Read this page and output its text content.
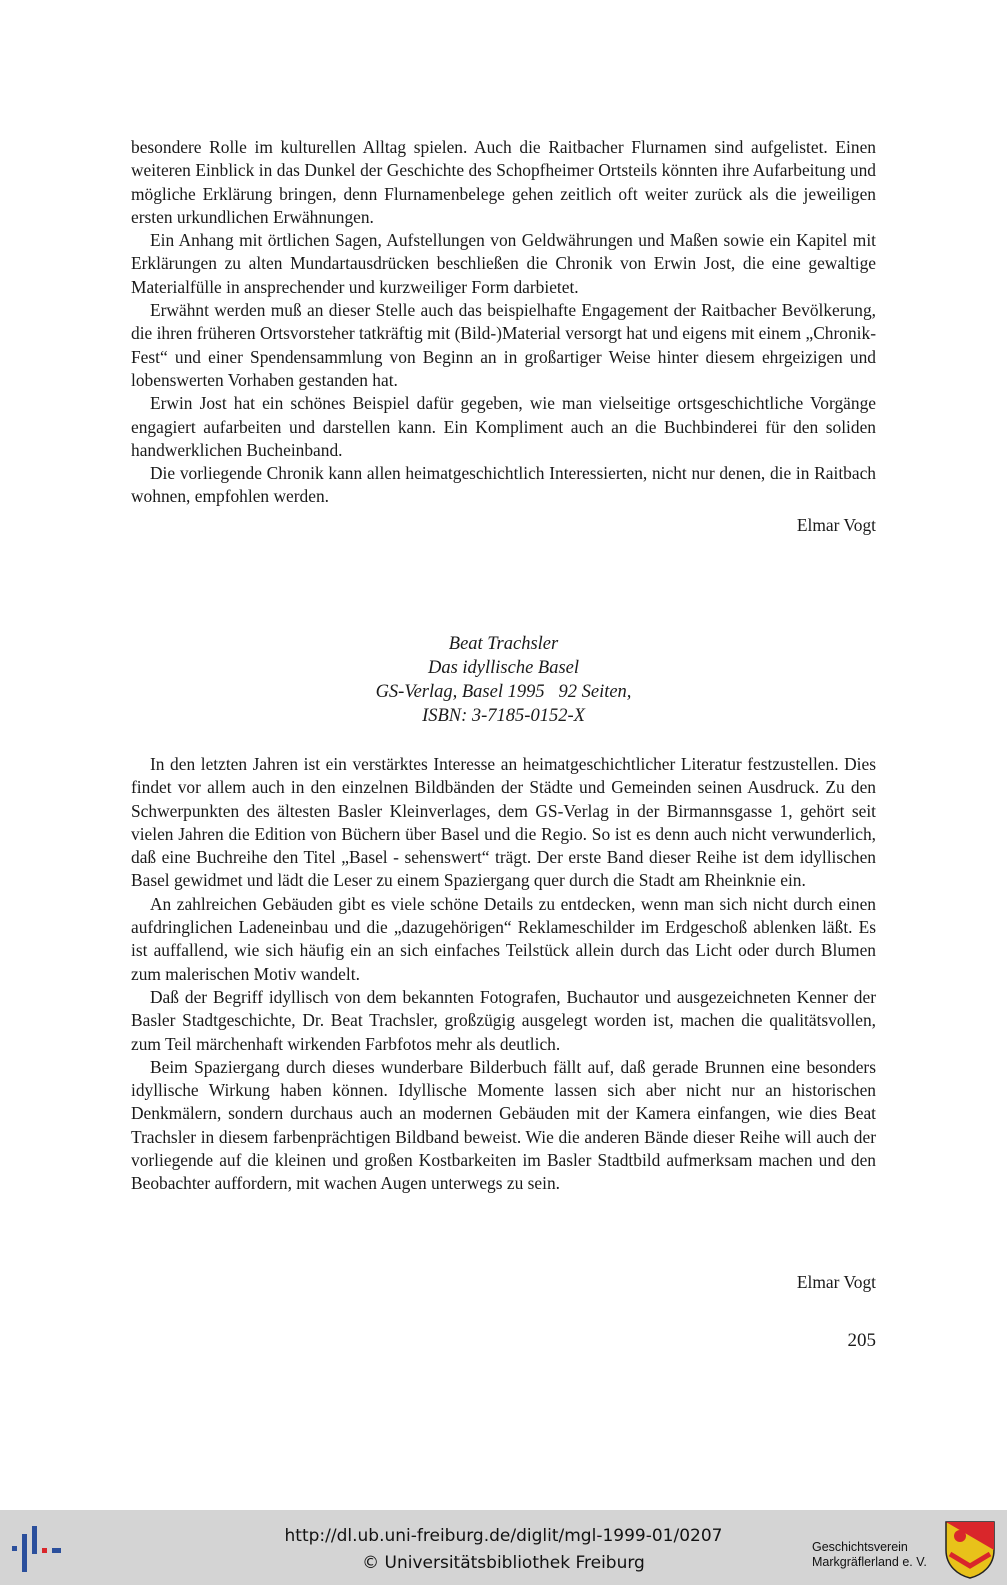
besondere Rolle im kulturellen Alltag spielen. Auch die Raitbacher Flurnamen sind aufgelistet. Einen weiteren Einblick in das Dunkel der Geschichte des Schopfheimer Ortsteils könnten ihre Aufarbeitung und mögliche Erklärung bringen, denn Flurnamenbelege gehen zeitlich oft weiter zurück als die jeweiligen ersten urkundlichen Erwähnungen.

Ein Anhang mit örtlichen Sagen, Aufstellungen von Geldwährungen und Maßen sowie ein Kapitel mit Erklärungen zu alten Mundartausdrücken beschließen die Chronik von Erwin Jost, die eine gewaltige Materialfülle in ansprechender und kurzweiliger Form darbietet.

Erwähnt werden muß an dieser Stelle auch das beispielhafte Engagement der Raitbacher Bevölkerung, die ihren früheren Ortsvorsteher tatkräftig mit (Bild-)Material versorgt hat und eigens mit einem „Chronik-Fest“ und einer Spendensammlung von Beginn an in großartiger Weise hinter diesem ehrgeizigen und lobenswerten Vorhaben gestanden hat.

Erwin Jost hat ein schönes Beispiel dafür gegeben, wie man vielseitige ortsgeschichtliche Vorgänge engagiert aufarbeiten und darstellen kann. Ein Kompliment auch an die Buchbinderei für den soliden handwerklichen Bucheinband.

Die vorliegende Chronik kann allen heimatgeschichtlich Interessierten, nicht nur denen, die in Raitbach wohnen, empfohlen werden.

Elmar Vogt
Beat Trachsler
Das idyllische Basel
GS-Verlag, Basel 1995   92 Seiten,
ISBN: 3-7185-0152-X

In den letzten Jahren ist ein verstärktes Interesse an heimatgeschichtlicher Literatur festzustellen. Dies findet vor allem auch in den einzelnen Bildbänden der Städte und Gemeinden seinen Ausdruck. Zu den Schwerpunkten des ältesten Basler Kleinverlages, dem GS-Verlag in der Birmannsgasse 1, gehört seit vielen Jahren die Edition von Büchern über Basel und die Regio. So ist es denn auch nicht verwunderlich, daß eine Buchreihe den Titel „Basel - sehenswert“ trägt. Der erste Band dieser Reihe ist dem idyllischen Basel gewidmet und lädt die Leser zu einem Spaziergang quer durch die Stadt am Rheinknie ein.

An zahlreichen Gebäuden gibt es viele schöne Details zu entdecken, wenn man sich nicht durch einen aufdringlichen Ladeneinbau und die „dazugehörigen“ Reklameschilder im Erdgeschoß ablenken läßt. Es ist auffallend, wie sich häufig ein an sich einfaches Teilstück allein durch das Licht oder durch Blumen zum malerischen Motiv wandelt.

Daß der Begriff idyllisch von dem bekannten Fotografen, Buchautor und ausgezeichneten Kenner der Basler Stadtgeschichte, Dr. Beat Trachsler, großzügig ausgelegt worden ist, machen die qualitätsvollen, zum Teil märchenhaft wirkenden Farbfotos mehr als deutlich.

Beim Spaziergang durch dieses wunderbare Bilderbuch fällt auf, daß gerade Brunnen eine besonders idyllische Wirkung haben können. Idyllische Momente lassen sich aber nicht nur an historischen Denkmälern, sondern durchaus auch an modernen Gebäuden mit der Kamera einfangen, wie dies Beat Trachsler in diesem farbenprächtigen Bildband beweist. Wie die anderen Bände dieser Reihe will auch der vorliegende auf die kleinen und großen Kostbarkeiten im Basler Stadtbild aufmerksam machen und den Beobachter auffordern, mit wachen Augen unterwegs zu sein.

Elmar Vogt
205
http://dl.ub.uni-freiburg.de/diglit/mgl-1999-01/0207
© Universitätsbibliothek Freiburg
Geschichtsverein
Markgräflerland e. V.
